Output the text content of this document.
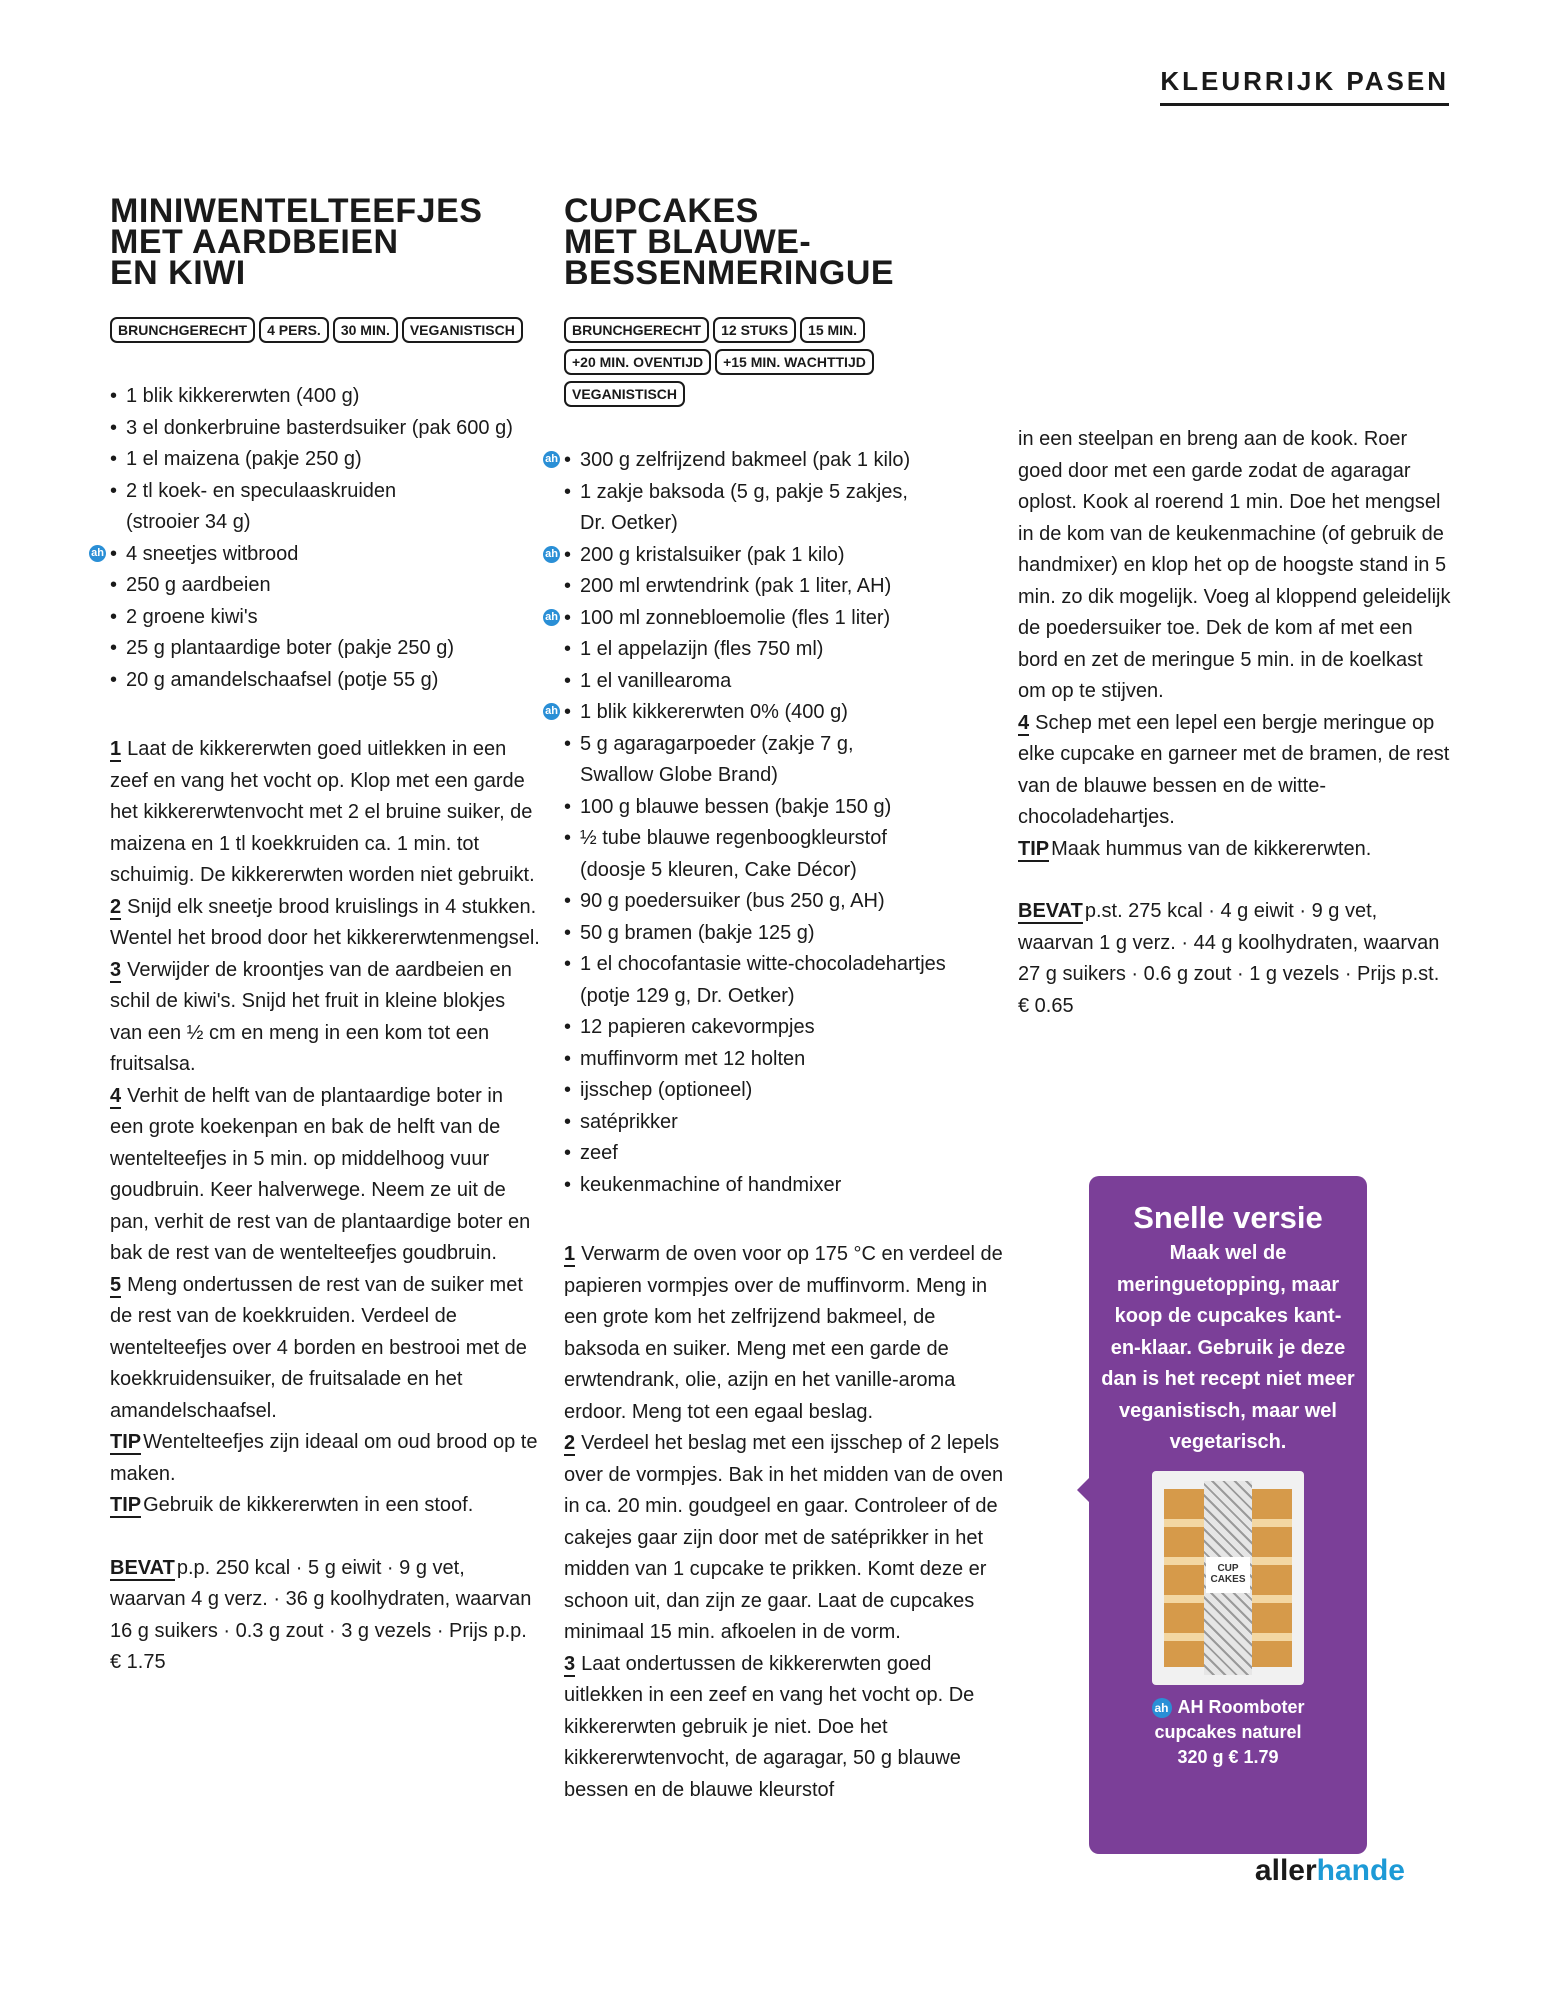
KLEURRIJK PASEN
MINIWENTELTEEFJES
MET AARDBEIEN
EN KIWI
BRUNCHGERECHT	4 PERS.	30 MIN.	VEGANISTISCH
• 1 blik kikkererwten (400 g)
• 3 el donkerbruine basterdsuiker (pak 600 g)
• 1 el maizena (pakje 250 g)
• 2 tl koek- en speculaaskruiden
(strooier 34 g)
ah • 4 sneetjes witbrood
• 250 g aardbeien
• 2 groene kiwi's
• 25 g plantaardige boter (pakje 250 g)
• 20 g amandelschaafsel (potje 55 g)

1 Laat de kikkererwten goed uitlekken in een zeef en vang het vocht op. Klop met een garde het kikkererwtenvocht met 2 el bruine suiker, de maizena en 1 tl koekkruiden ca. 1 min. tot schuimig. De kikkererwten worden niet gebruikt.

2 Snijd elk sneetje brood kruislings in 4 stukken. Wentel het brood door het kikkererwtenmengsel.

3 Verwijder de kroontjes van de aardbeien en schil de kiwi's. Snijd het fruit in kleine blokjes van een ½ cm en meng in een kom tot een fruitsalsa.

4 Verhit de helft van de plantaardige boter in een grote koekenpan en bak de helft van de wentelteefjes in 5 min. op middelhoog vuur goudbruin. Keer halverwege. Neem ze uit de pan, verhit de rest van de plantaardige boter en bak de rest van de wentelteefjes goudbruin.

5 Meng ondertussen de rest van de suiker met de rest van de koekkruiden. Verdeel de wentelteefjes over 4 borden en bestrooi met de koekkruidensuiker, de fruitsalade en het amandelschaafsel.

TIP Wentelteefjes zijn ideaal om oud brood op te maken.

TIP Gebruik de kikkererwten in een stoof.

BEVAT p.p. 250 kcal · 5 g eiwit · 9 g vet, waarvan 4 g verz. · 36 g koolhydraten, waarvan 16 g suikers · 0.3 g zout · 3 g vezels · Prijs p.p. € 1.75

CUPCAKES
MET BLAUWE-
BESSENMERINGUE
BRUNCHGERECHT	12 STUKS	15 MIN.
+20 MIN. OVENTIJD	+15 MIN. WACHTTIJD
VEGANISTISCH
ah • 300 g zelfrijzend bakmeel (pak 1 kilo)
• 1 zakje baksoda (5 g, pakje 5 zakjes,
Dr. Oetker)
ah • 200 g kristalsuiker (pak 1 kilo)
• 200 ml erwtendrink (pak 1 liter, AH)
ah • 100 ml zonnebloemolie (fles 1 liter)
• 1 el appelazijn (fles 750 ml)
• 1 el vanillearoma
ah • 1 blik kikkererwten 0% (400 g)
• 5 g agaragarpoeder (zakje 7 g,
Swallow Globe Brand)
• 100 g blauwe bessen (bakje 150 g)
• ½ tube blauwe regenboogkleurstof
(doosje 5 kleuren, Cake Décor)
• 90 g poedersuiker (bus 250 g, AH)
• 50 g bramen (bakje 125 g)
• 1 el chocofantasie witte-chocoladehartjes
(potje 129 g, Dr. Oetker)
• 12 papieren cakevormpjes
• muffinvorm met 12 holten
• ijsschep (optioneel)
• satéprikker
• zeef
• keukenmachine of handmixer

1 Verwarm de oven voor op 175 °C en verdeel de papieren vormpjes over de muffinvorm. Meng in een grote kom het zelfrijzend bakmeel, de baksoda en suiker. Meng met een garde de erwtendrank, olie, azijn en het vanille-aroma erdoor. Meng tot een egaal beslag.

2 Verdeel het beslag met een ijsschep of 2 lepels over de vormpjes. Bak in het midden van de oven in ca. 20 min. goudgeel en gaar. Controleer of de cakejes gaar zijn door met de satéprikker in het midden van 1 cupcake te prikken. Komt deze er schoon uit, dan zijn ze gaar. Laat de cupcakes minimaal 15 min. afkoelen in de vorm.

3 Laat ondertussen de kikkererwten goed uitlekken in een zeef en vang het vocht op. De kikkererwten gebruik je niet. Doe het kikkererwtenvocht, de agaragar, 50 g blauwe bessen en de blauwe kleurstof

in een steelpan en breng aan de kook. Roer goed door met een garde zodat de agaragar oplost. Kook al roerend 1 min. Doe het mengsel in de kom van de keukenmachine (of gebruik de handmixer) en klop het op de hoogste stand in 5 min. zo dik mogelijk. Voeg al kloppend geleidelijk de poedersuiker toe. Dek de kom af met een bord en zet de meringue 5 min. in de koelkast om op te stijven.

4 Schep met een lepel een bergje meringue op elke cupcake en garneer met de bramen, de rest van de blauwe bessen en de witte-chocoladehartjes.

TIP Maak hummus van de kikkererwten.

BEVAT p.st. 275 kcal · 4 g eiwit · 9 g vet, waarvan 1 g verz. · 44 g koolhydraten, waarvan 27 g suikers · 0.6 g zout · 1 g vezels · Prijs p.st. € 0.65

Snelle versie
Maak wel de meringuetopping, maar koop de cupcakes kant-en-klaar. Gebruik je deze dan is het recept niet meer veganistisch, maar wel vegetarisch.
CUP
CAKES
ah AH Roomboter
cupcakes naturel
320 g € 1.79
allerhande
